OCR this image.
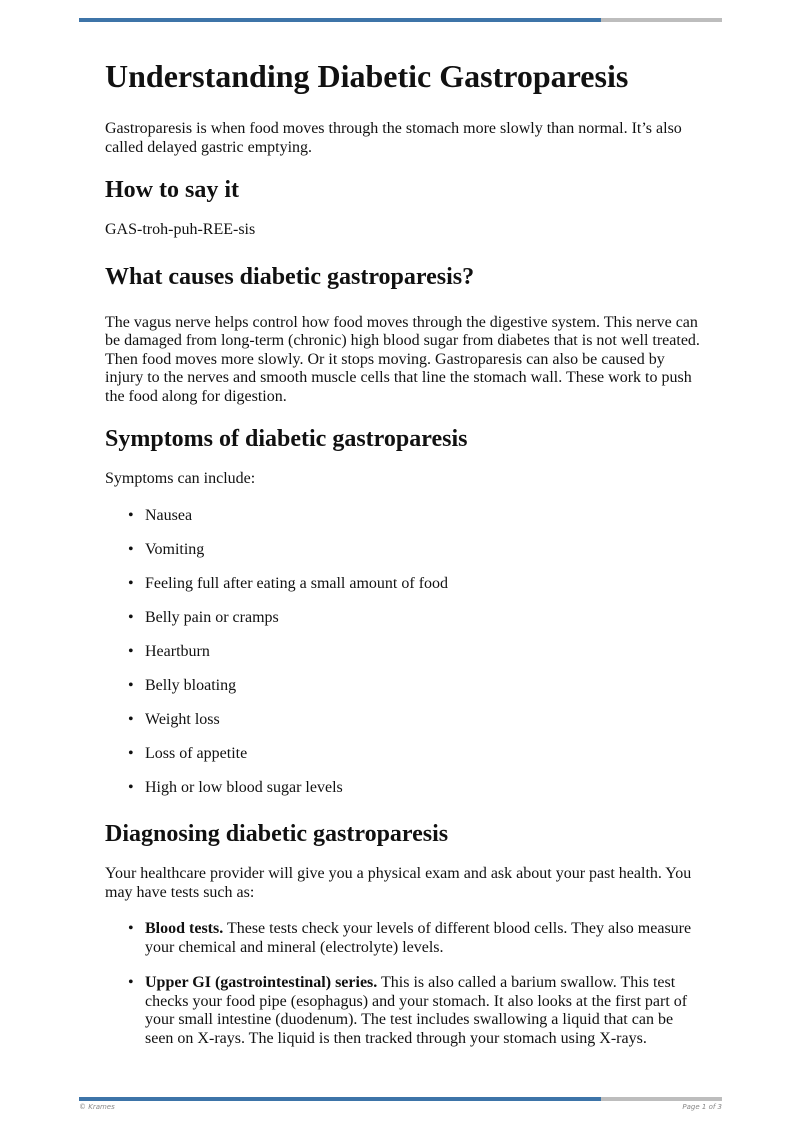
Understanding Diabetic Gastroparesis

Gastroparesis is when food moves through the stomach more slowly than normal. It’s also called delayed gastric emptying.

How to say it

GAS-troh-puh-REE-sis

What causes diabetic gastroparesis?

The vagus nerve helps control how food moves through the digestive system. This nerve can be damaged from long-term (chronic) high blood sugar from diabetes that is not well treated. Then food moves more slowly. Or it stops moving. Gastroparesis can also be caused by injury to the nerves and smooth muscle cells that line the stomach wall. These work to push the food along for digestion.

Symptoms of diabetic gastroparesis

Symptoms can include:

• Nausea
• Vomiting
• Feeling full after eating a small amount of food
• Belly pain or cramps
• Heartburn
• Belly bloating
• Weight loss
• Loss of appetite
• High or low blood sugar levels
Diagnosing diabetic gastroparesis

Your healthcare provider will give you a physical exam and ask about your past health. You may have tests such as:

• Blood tests. These tests check your levels of different blood cells. They also measure your chemical and mineral (electrolyte) levels.
• Upper GI (gastrointestinal) series. This is also called a barium swallow. This test checks your food pipe (esophagus) and your stomach. It also looks at the first part of your small intestine (duodenum). The test includes swallowing a liquid that can be seen on X-rays. The liquid is then tracked through your stomach using X-rays.
© Krames	Page 1 of 3
